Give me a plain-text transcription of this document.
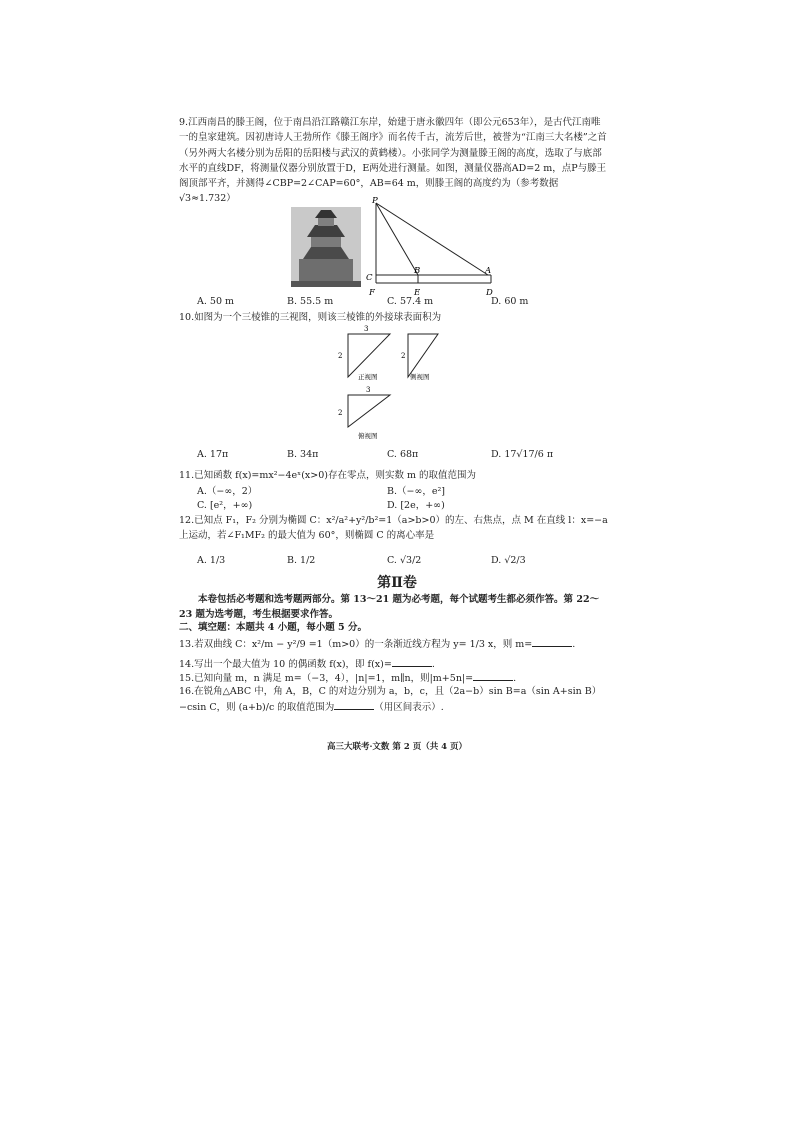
9.江西南昌的滕王阁，位于南昌沿江路赣江东岸，始建于唐永徽四年（即公元653年），是古代江南唯一的皇家建筑。因初唐诗人王勃所作《滕王阁序》而名传千古，流芳后世，被誉为“江南三大名楼”之首（另外两大名楼分别为岳阳的岳阳楼与武汉的黄鹤楼）。小张同学为测量滕王阁的高度，选取了与底部水平的直线DF，将测量仪器分别放置于D，E两处进行测量。如图，测量仪器高AD=2 m，点P与滕王阁顶部平齐，并测得∠CBP=2∠CAP=60°，AB=64 m，则滕王阁的高度约为（参考数据√3≈1.732）	P
C
B	A
F	E	D
A. 50 m	B. 55.5 m	C. 57.4 m	D. 60 m
10.如图为一个三棱锥的三视图，则该三棱锥的外接球表面积为
3
2
正视图
2
侧视图
3
2
俯视图
A. 17π	B. 34π	C. 68π	D. 17√17/6 π
11.已知函数 f(x)=mx²−4eˣ(x>0)存在零点，则实数 m 的取值范围为
A.（−∞，2）	B.（−∞，e²]
C. [e²，+∞)	D. [2e，+∞)
12.已知点 F₁，F₂ 分别为椭圆 C：x²/a²+y²/b²=1（a>b>0）的左、右焦点，点 M 在直线 l：x=−a 上运动，若∠F₁MF₂ 的最大值为 60°，则椭圆 C 的离心率是
A. 1/3	B. 1/2	C. √3/2	D. √2/3
第Ⅱ卷
本卷包括必考题和选考题两部分。第 13～21 题为必考题，每个试题考生都必须作答。第 22～23 题为选考题，考生根据要求作答。
二、填空题：本题共 4 小题，每小题 5 分。
13.若双曲线 C：x²/m − y²/9 =1（m>0）的一条渐近线方程为 y= 1/3 x，则 m=	.
14.写出一个最大值为 10 的偶函数 f(x)，即 f(x)=	.
15.已知向量 m，n 满足 m=（−3，4），|n|=1，m∥n，则|m+5n|=	.
16.在锐角△ABC 中，角 A，B，C 的对边分别为 a，b，c，且（2a−b）sin B=a（sin A+sin B）−csin C，则 (a+b)/c 的取值范围为	（用区间表示）.
高三大联考·文数 第 2 页（共 4 页）
